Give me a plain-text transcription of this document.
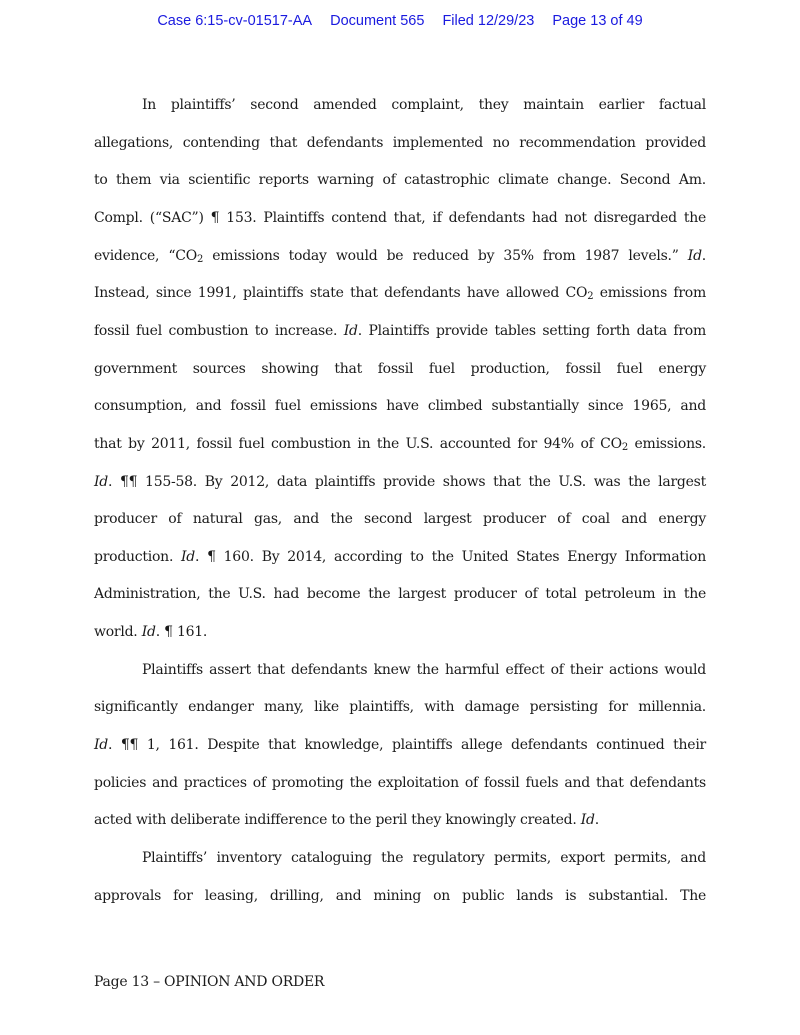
Case 6:15-cv-01517-AA Document 565 Filed 12/29/23 Page 13 of 49
In plaintiffs’ second amended complaint, they maintain earlier factual
allegations, contending that defendants implemented no recommendation provided
to them via scientific reports warning of catastrophic climate change. Second Am.
Compl. (“SAC”) ¶ 153. Plaintiffs contend that, if defendants had not disregarded the
evidence, “$CO_2$ emissions today would be reduced by 35% from 1987 levels.” Id.
Instead, since 1991, plaintiffs state that defendants have allowed $CO_2$ emissions from
fossil fuel combustion to increase. Id. Plaintiffs provide tables setting forth data from
government sources showing that fossil fuel production, fossil fuel energy
consumption, and fossil fuel emissions have climbed substantially since 1965, and
that by 2011, fossil fuel combustion in the U.S. accounted for 94% of $CO_2$ emissions.
Id. ¶¶ 155-58. By 2012, data plaintiffs provide shows that the U.S. was the largest
producer of natural gas, and the second largest producer of coal and energy
production. Id. ¶ 160. By 2014, according to the United States Energy Information
Administration, the U.S. had become the largest producer of total petroleum in the
world. Id. ¶ 161.
Plaintiffs assert that defendants knew the harmful effect of their actions would
significantly endanger many, like plaintiffs, with damage persisting for millennia.
Id. ¶¶ 1, 161. Despite that knowledge, plaintiffs allege defendants continued their
policies and practices of promoting the exploitation of fossil fuels and that defendants
acted with deliberate indifference to the peril they knowingly created. Id.
Plaintiffs’ inventory cataloguing the regulatory permits, export permits, and
approvals for leasing, drilling, and mining on public lands is substantial. The
Page 13 – OPINION AND ORDER
